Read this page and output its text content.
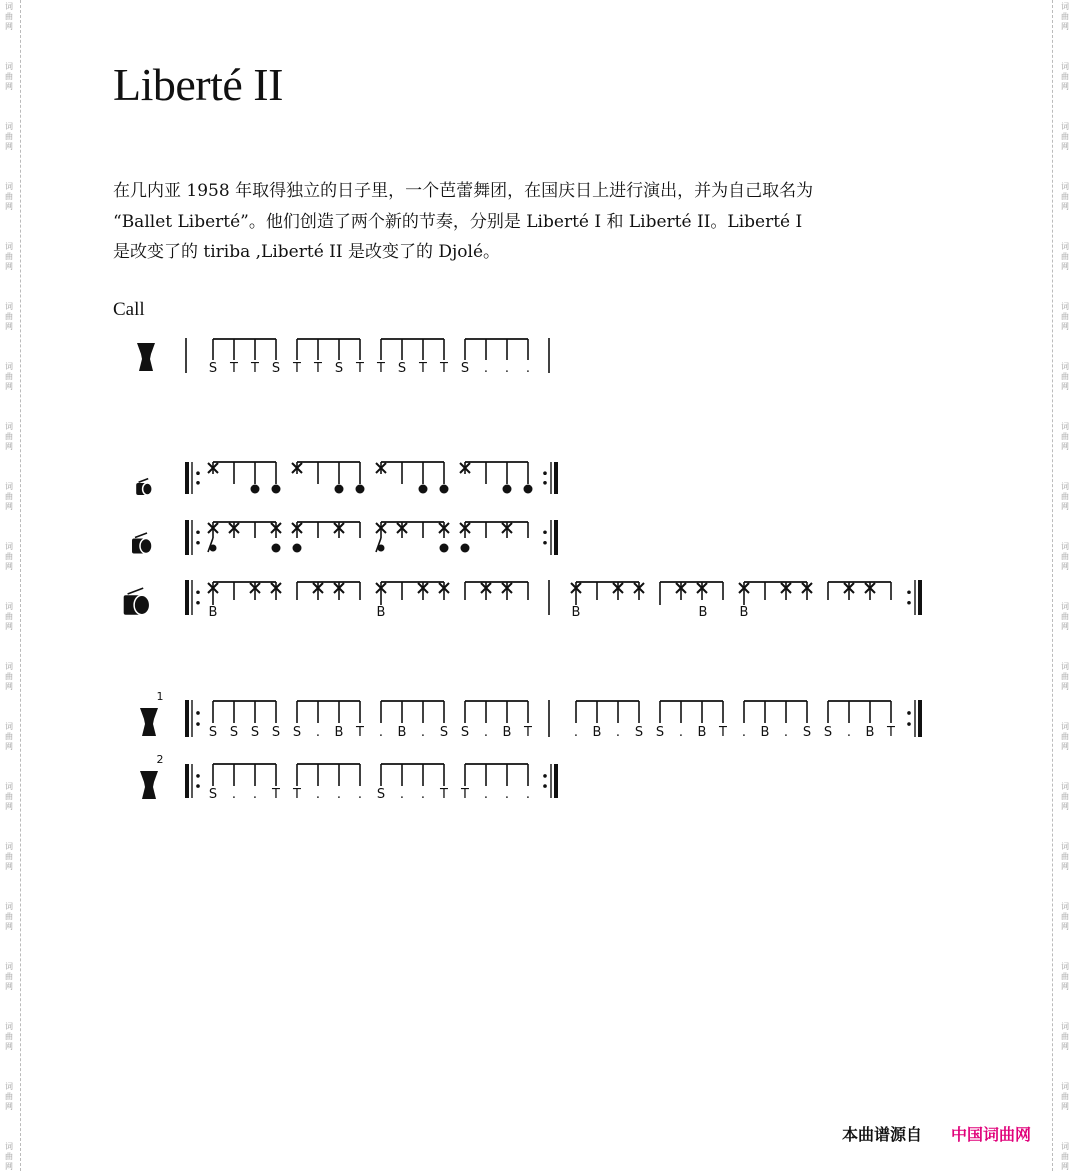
词
曲
网
词
曲
网
词
曲
网
词
曲
网
词
曲
网
词
曲
网
词
曲
网
词
曲
网
词
曲
网
词
曲
网
词
曲
网
词
曲
网
词
曲
网
词
曲
网
词
曲
网
词
曲
网
词
曲
网
词
曲
网
词
曲
网
词
曲
网
词
曲
网
词
曲
网
词
曲
网
词
曲
网
词
曲
网
词
曲
网
词
曲
网
词
曲
网
词
曲
网
词
曲
网
词
曲
网
词
曲
网
词
曲
网
词
曲
网
词
曲
网
词
曲
网
词
曲
网
词
曲
网
词
曲
网
词
曲
网
Liberté II

在几内亚 1958 年取得独立的日子里，一个芭蕾舞团，在国庆日上进行演出，并为自己取名为

“Ballet Liberté”。他们创造了两个新的节奏，分别是 Liberté I 和 Liberté II。Liberté I

是改变了的 tiriba ,Liberté II 是改变了的 Djolé。

Call
S T T S T T S T T S T T S . . .
B	B	B	B
B
1
S S S S S . B T . B . S S . B T	. B . S S . B T . B . S S . B T
2
S . . T T . . . S . . T T . . .
本曲谱源自 中国词曲网
